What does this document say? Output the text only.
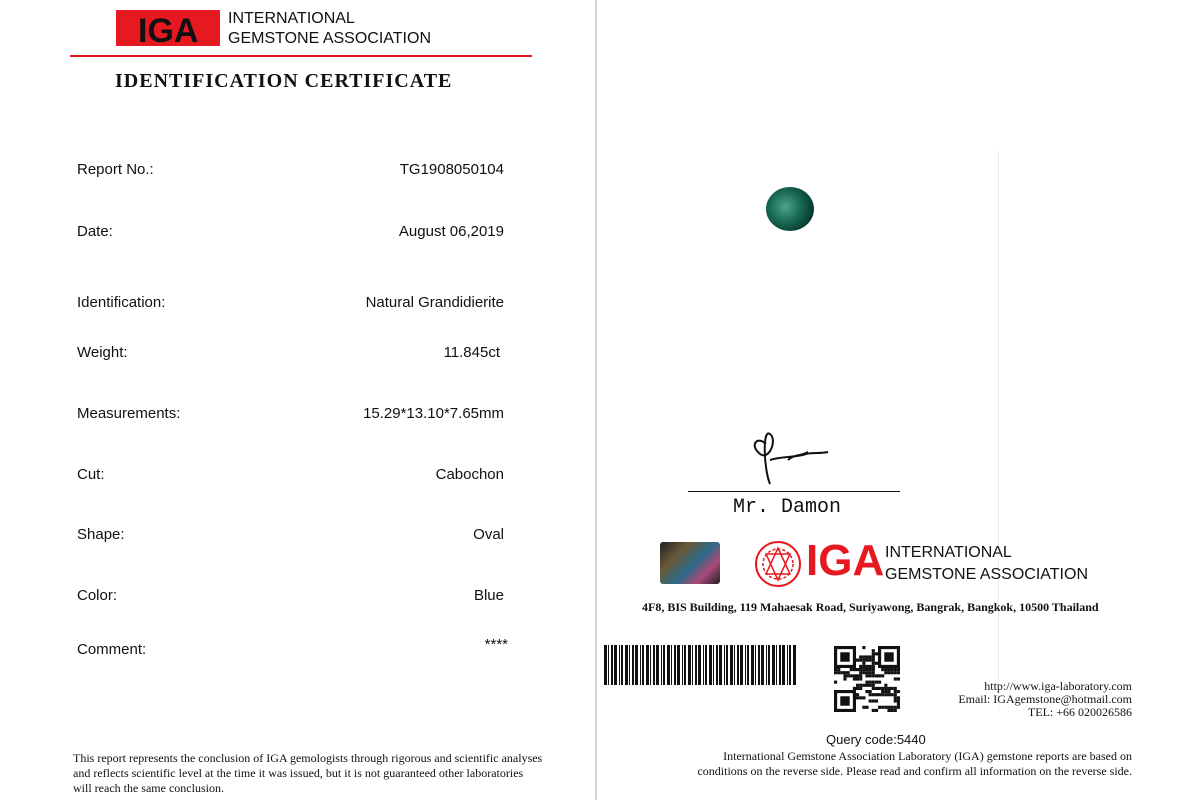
IGA INTERNATIONAL
GEMSTONE ASSOCIATION
IDENTIFICATION CERTIFICATE
Report No.:	TG1908050104
Date:	August 06,2019
Identification:	Natural Grandidierite
Weight:	11.845ct
Measurements:	15.29*13.10*7.65mm
Cut:	Cabochon
Shape:	Oval
Color:	Blue
Comment:	****
This report represents the conclusion of IGA gemologists through rigorous and scientific analyses and reflects scientific level at the time it was issued, but it is not guaranteed other laboratories will reach the same conclusion.
Mr. Damon
IGA INTERNATIONAL
GEMSTONE ASSOCIATION
4F8, BIS Building, 119 Mahaesak Road, Suriyawong, Bangrak, Bangkok, 10500 Thailand
http://www.iga-laboratory.com
Email: IGAgemstone@hotmail.com
TEL: +66 020026586
Query code:5440
International Gemstone Association Laboratory (IGA) gemstone reports are based on conditions on the reverse side. Please read and confirm all information on the reverse side.
